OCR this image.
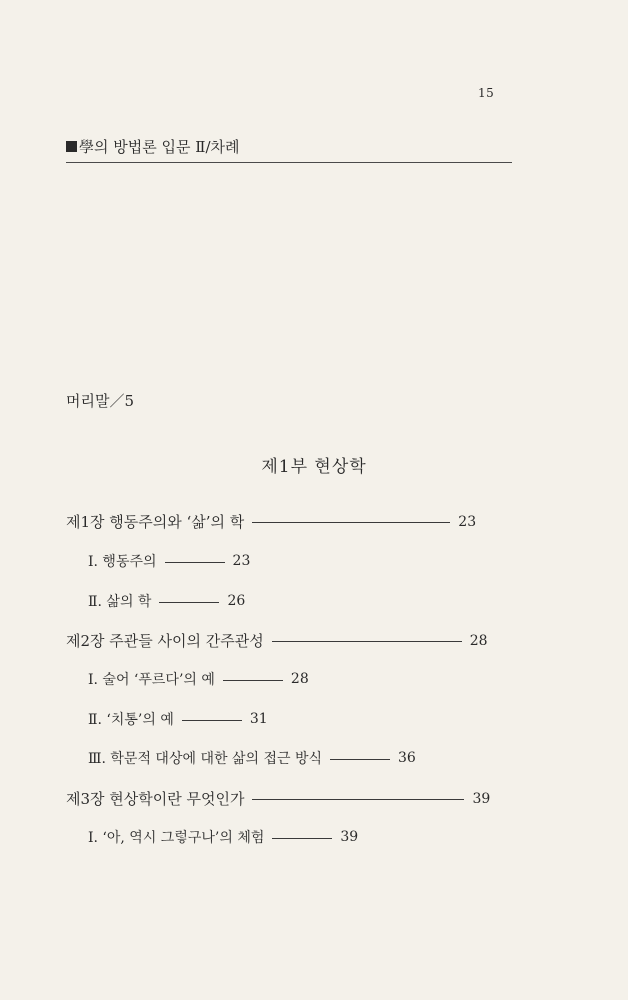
15
學의 방법론 입문 Ⅱ/차례
머리말／5
제1부 현상학
제1장 행동주의와 ‘삶’의 학	23
Ⅰ. 행동주의	23
Ⅱ. 삶의 학	26
제2장 주관들 사이의 간주관성	28
Ⅰ. 술어 ‘푸르다’의 예	28
Ⅱ. ‘치통’의 예	31
Ⅲ. 학문적 대상에 대한 삶의 접근 방식	36
제3장 현상학이란 무엇인가	39
Ⅰ. ‘아, 역시 그렇구나’의 체험	39
